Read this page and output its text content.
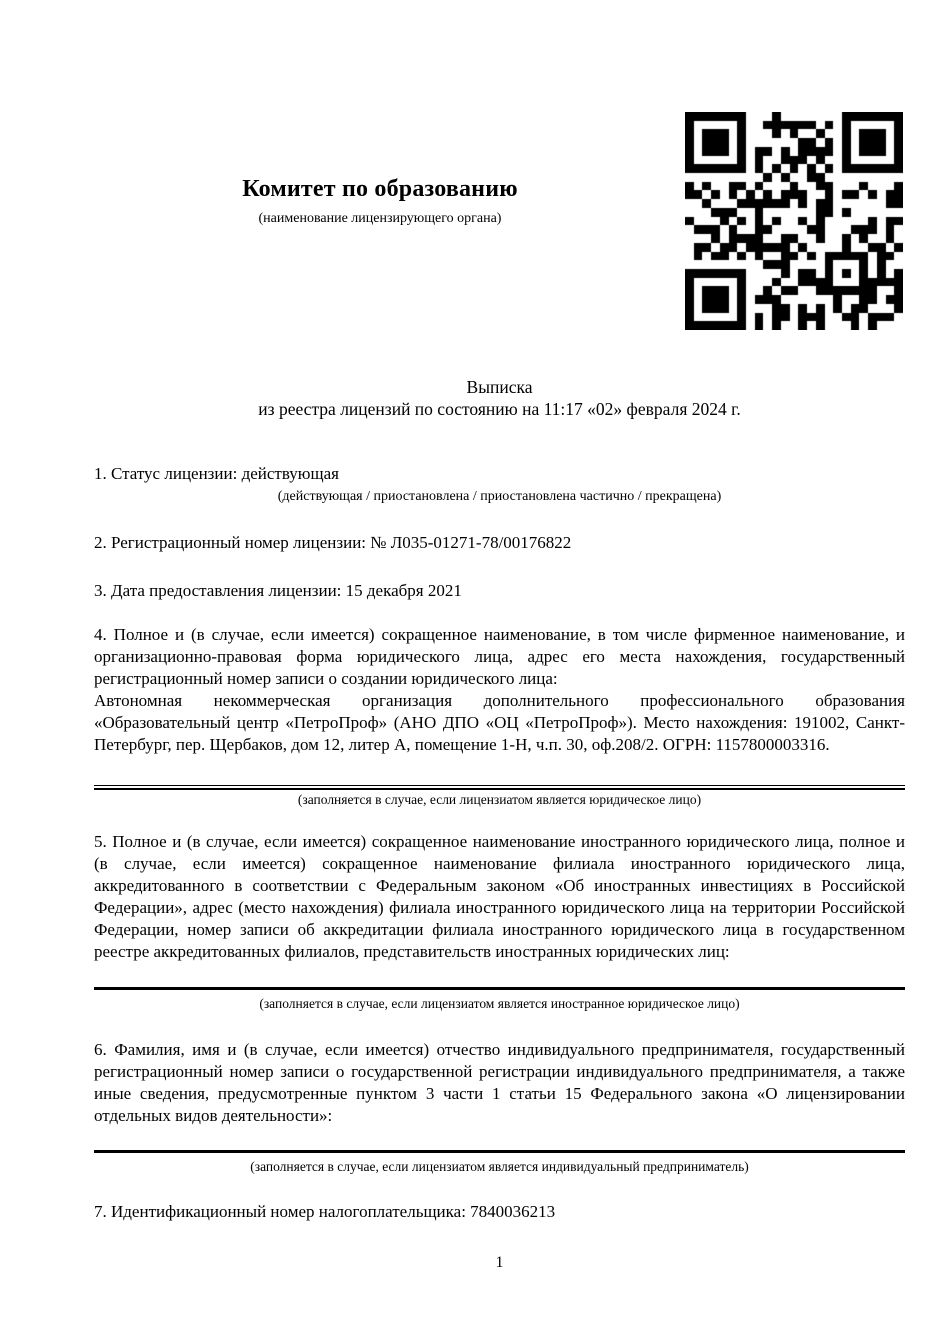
Комитет по образованию
(наименование лицензирующего органа)
Выписка
из реестра лицензий по состоянию на 11:17 «02» февраля 2024 г.
1. Статус лицензии: действующая
(действующая / приостановлена / приостановлена частично / прекращена)
2. Регистрационный номер лицензии: № Л035-01271-78/00176822
3. Дата предоставления лицензии: 15 декабря 2021

4. Полное и (в случае, если имеется) сокращенное наименование, в том числе фирменное наименование, и организационно-правовая форма юридического лица, адрес его места нахождения, государственный регистрационный номер записи о создании юридического лица:

Автономная некоммерческая организация дополнительного профессионального образования «Образовательный центр «ПетроПроф» (АНО ДПО «ОЦ «ПетроПроф»). Место нахождения: 191002, Санкт-Петербург, пер. Щербаков, дом 12, литер А, помещение 1-Н, ч.п. 30, оф.208/2. ОГРН: 1157800003316.

(заполняется в случае, если лицензиатом является юридическое лицо)

5. Полное и (в случае, если имеется) сокращенное наименование иностранного юридического лица, полное и (в случае, если имеется) сокращенное наименование филиала иностранного юридического лица, аккредитованного в соответствии с Федеральным законом «Об иностранных инвестициях в Российской Федерации», адрес (место нахождения) филиала иностранного юридического лица на территории Российской Федерации, номер записи об аккредитации филиала иностранного юридического лица в государственном реестре аккредитованных филиалов, представительств иностранных юридических лиц:

(заполняется в случае, если лицензиатом является иностранное юридическое лицо)

6. Фамилия, имя и (в случае, если имеется) отчество индивидуального предпринимателя, государственный регистрационный номер записи о государственной регистрации индивидуального предпринимателя, а также иные сведения, предусмотренные пунктом 3 части 1 статьи 15 Федерального закона «О лицензировании отдельных видов деятельности»:

(заполняется в случае, если лицензиатом является индивидуальный предприниматель)
7. Идентификационный номер налогоплательщика: 7840036213
1
